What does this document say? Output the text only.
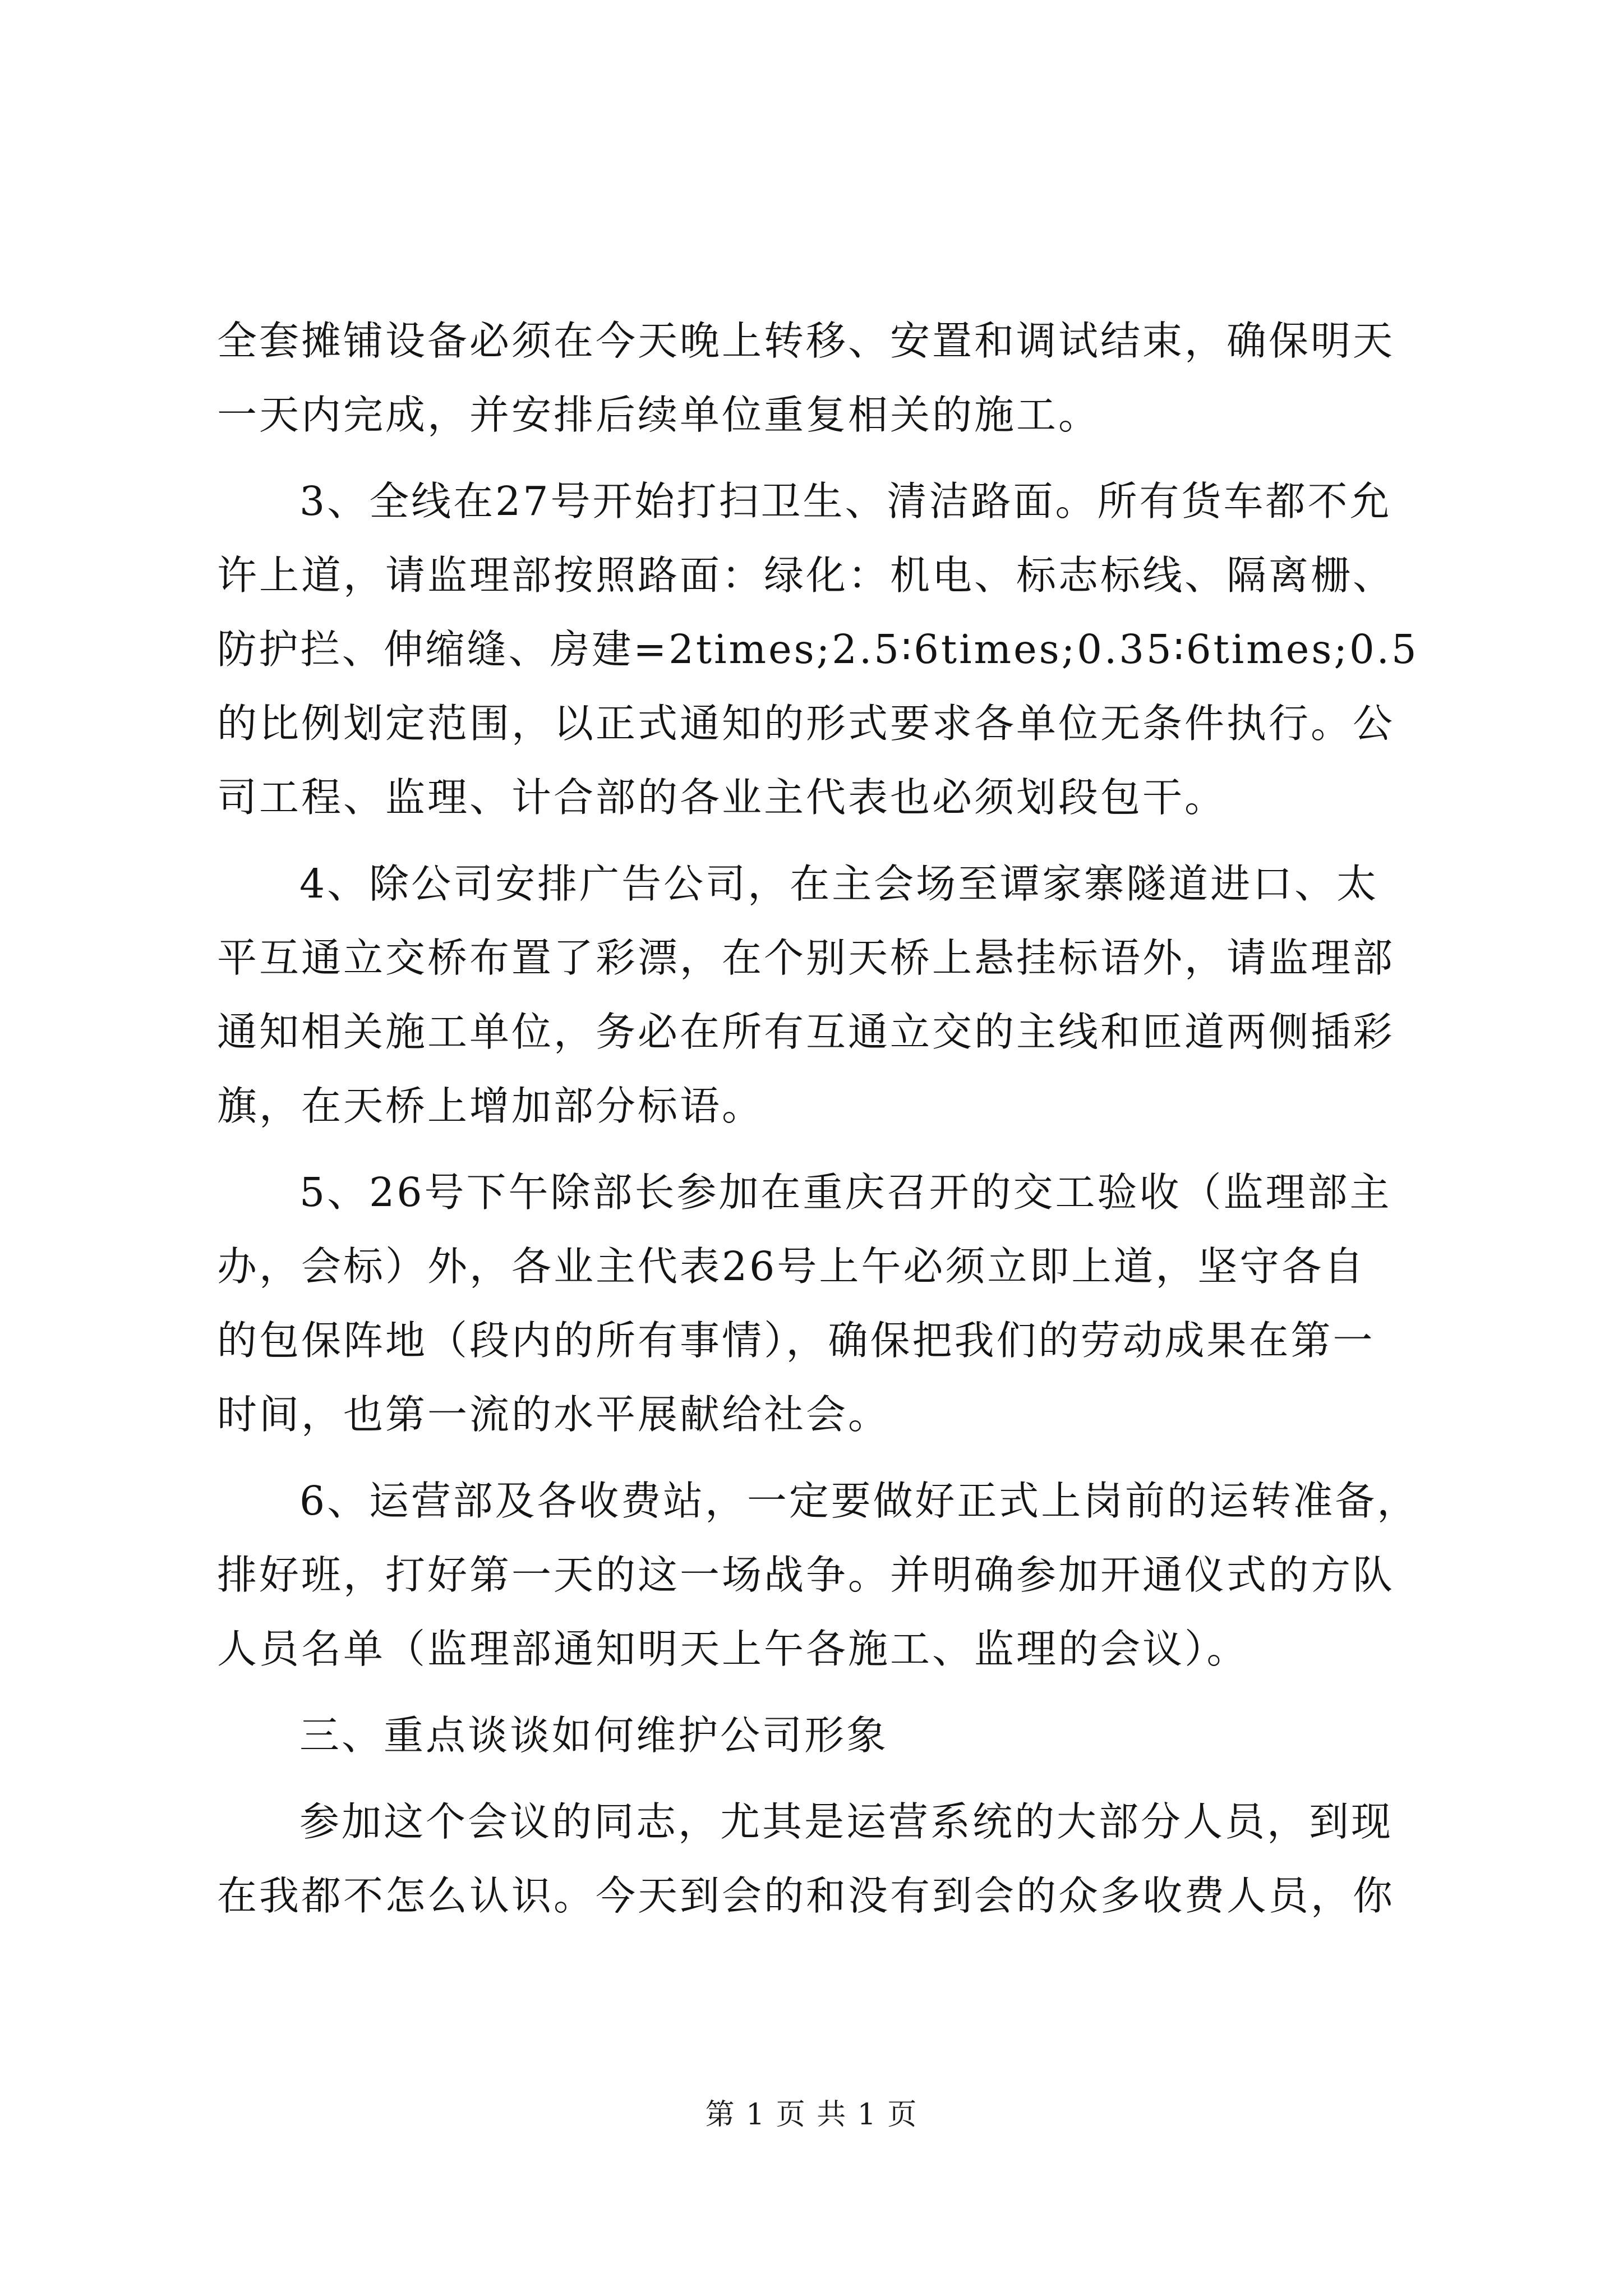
全套摊铺设备必须在今天晚上转移、安置和调试结束，确保明天
一天内完成，并安排后续单位重复相关的施工。
3、全线在27号开始打扫卫生、清洁路面。所有货车都不允
许上道，请监理部按照路面：绿化：机电、标志标线、隔离栅、
防护拦、伸缩缝、房建=2times;2.5∶6times;0.35∶6times;0.5
的比例划定范围，以正式通知的形式要求各单位无条件执行。公
司工程、监理、计合部的各业主代表也必须划段包干。
4、除公司安排广告公司，在主会场至谭家寨隧道进口、太
平互通立交桥布置了彩漂，在个别天桥上悬挂标语外，请监理部
通知相关施工单位，务必在所有互通立交的主线和匝道两侧插彩
旗，在天桥上增加部分标语。
5、26号下午除部长参加在重庆召开的交工验收（监理部主
办，会标）外，各业主代表26号上午必须立即上道，坚守各自
的包保阵地（段内的所有事情），确保把我们的劳动成果在第一
时间，也第一流的水平展献给社会。
6、运营部及各收费站，一定要做好正式上岗前的运转准备，
排好班，打好第一天的这一场战争。并明确参加开通仪式的方队
人员名单（监理部通知明天上午各施工、监理的会议）。
三、重点谈谈如何维护公司形象
参加这个会议的同志，尤其是运营系统的大部分人员，到现
在我都不怎么认识。今天到会的和没有到会的众多收费人员，你
第 1 页 共 1 页
